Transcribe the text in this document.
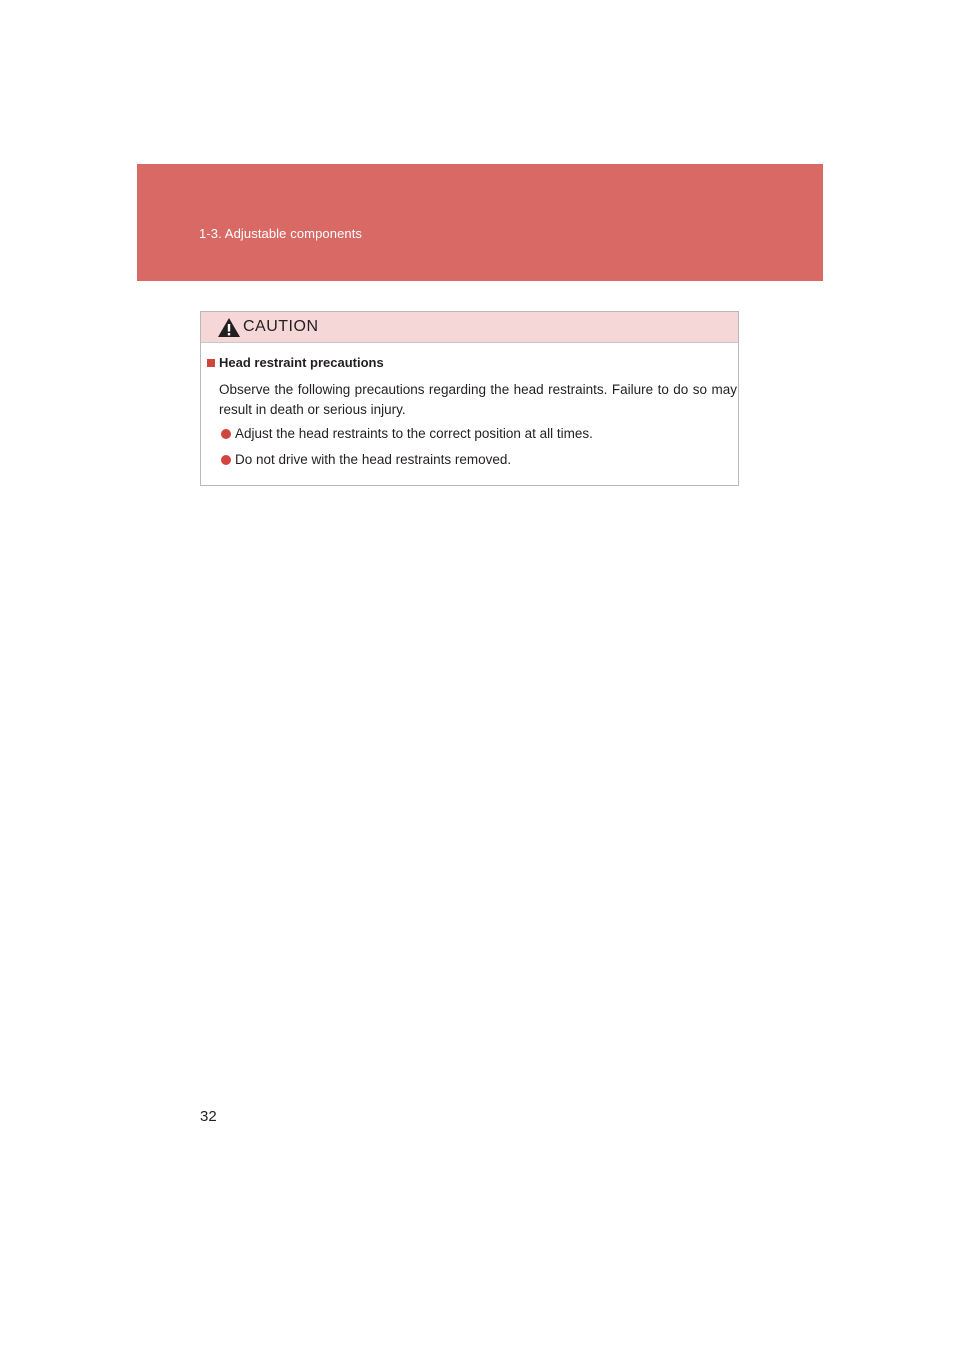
1-3. Adjustable components
CAUTION
Head restraint precautions
Observe the following precautions regarding the head restraints. Failure to do so may result in death or serious injury.
Adjust the head restraints to the correct position at all times.
Do not drive with the head restraints removed.
32
